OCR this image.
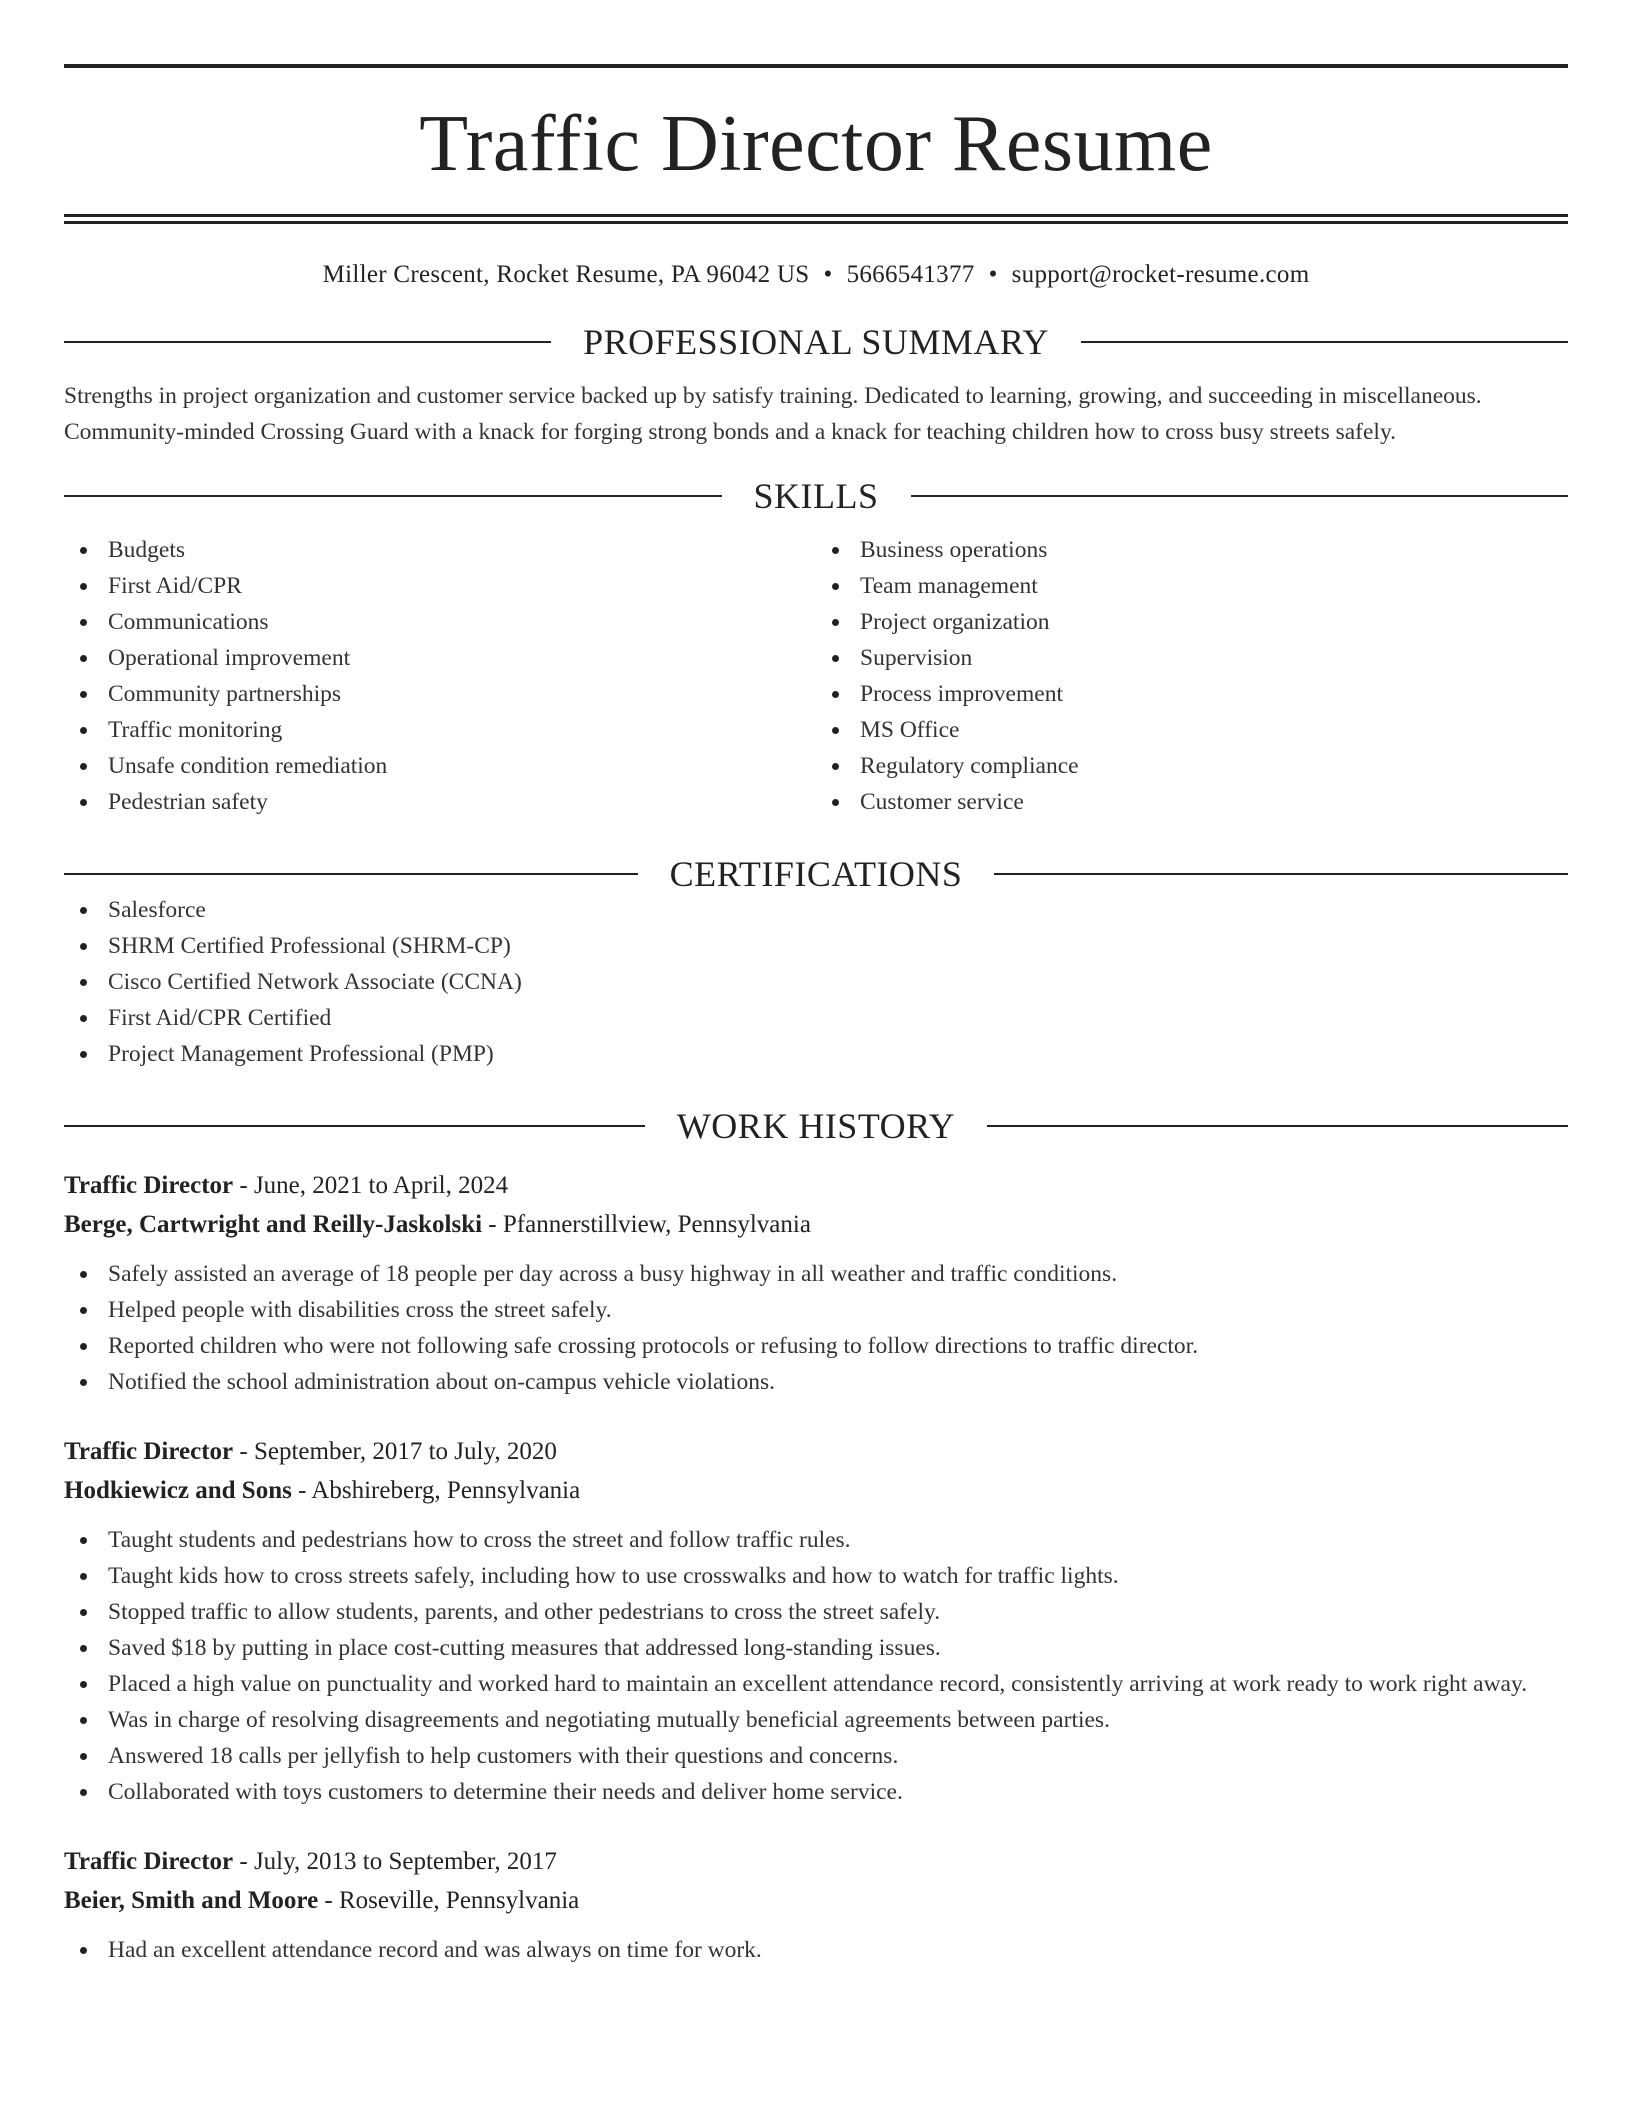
Traffic Director Resume
Miller Crescent, Rocket Resume, PA 96042 US • 5666541377 • support@rocket-resume.com
PROFESSIONAL SUMMARY

Strengths in project organization and customer service backed up by satisfy training. Dedicated to learning, growing, and succeeding in miscellaneous. Community-minded Crossing Guard with a knack for forging strong bonds and a knack for teaching children how to cross busy streets safely.

SKILLS
Budgets
First Aid/CPR
Communications
Operational improvement
Community partnerships
Traffic monitoring
Unsafe condition remediation
Pedestrian safety
Business operations
Team management
Project organization
Supervision
Process improvement
MS Office
Regulatory compliance
Customer service
CERTIFICATIONS
Salesforce
SHRM Certified Professional (SHRM-CP)
Cisco Certified Network Associate (CCNA)
First Aid/CPR Certified
Project Management Professional (PMP)
WORK HISTORY
Traffic Director - June, 2021 to April, 2024
Berge, Cartwright and Reilly-Jaskolski - Pfannerstillview, Pennsylvania
Safely assisted an average of 18 people per day across a busy highway in all weather and traffic conditions.
Helped people with disabilities cross the street safely.
Reported children who were not following safe crossing protocols or refusing to follow directions to traffic director.
Notified the school administration about on-campus vehicle violations.
Traffic Director - September, 2017 to July, 2020
Hodkiewicz and Sons - Abshireberg, Pennsylvania
Taught students and pedestrians how to cross the street and follow traffic rules.
Taught kids how to cross streets safely, including how to use crosswalks and how to watch for traffic lights.
Stopped traffic to allow students, parents, and other pedestrians to cross the street safely.
Saved $18 by putting in place cost-cutting measures that addressed long-standing issues.
Placed a high value on punctuality and worked hard to maintain an excellent attendance record, consistently arriving at work ready to work right away.
Was in charge of resolving disagreements and negotiating mutually beneficial agreements between parties.
Answered 18 calls per jellyfish to help customers with their questions and concerns.
Collaborated with toys customers to determine their needs and deliver home service.
Traffic Director - July, 2013 to September, 2017
Beier, Smith and Moore - Roseville, Pennsylvania
Had an excellent attendance record and was always on time for work.
